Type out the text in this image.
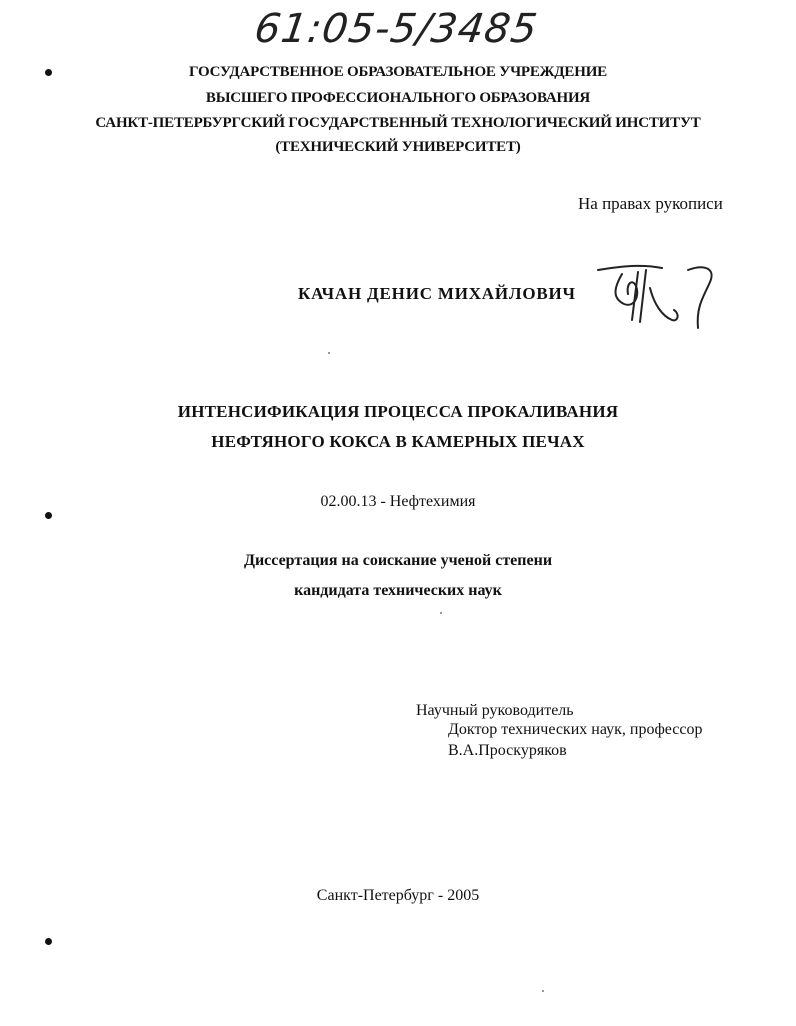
61:05-5/3485
ГОСУДАРСТВЕННОЕ ОБРАЗОВАТЕЛЬНОЕ УЧРЕЖДЕНИЕ
ВЫСШЕГО ПРОФЕССИОНАЛЬНОГО ОБРАЗОВАНИЯ
САНКТ-ПЕТЕРБУРГСКИЙ ГОСУДАРСТВЕННЫЙ ТЕХНОЛОГИЧЕСКИЙ ИНСТИТУТ
(ТЕХНИЧЕСКИЙ УНИВЕРСИТЕТ)
На правах рукописи
КАЧАН ДЕНИС МИХАЙЛОВИЧ
ИНТЕНСИФИКАЦИЯ ПРОЦЕССА ПРОКАЛИВАНИЯ
НЕФТЯНОГО КОКСА В КАМЕРНЫХ ПЕЧАХ
02.00.13 - Нефтехимия
Диссертация на соискание ученой степени
кандидата технических наук
Научный руководитель
Доктор технических наук, профессор
В.А.Проскуряков
Санкт-Петербург - 2005
